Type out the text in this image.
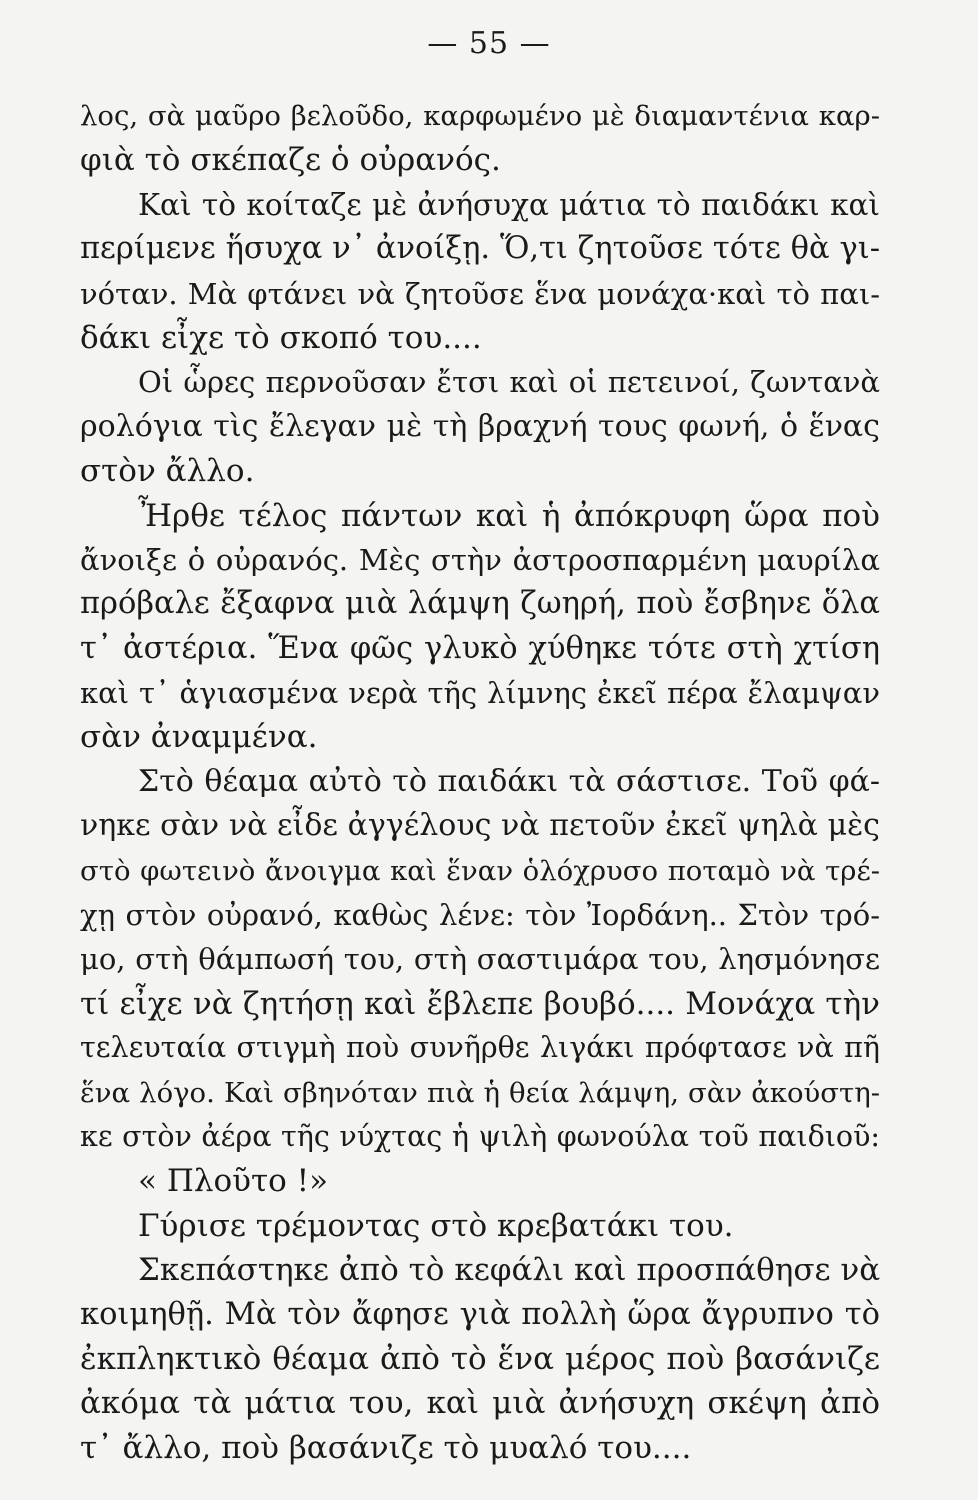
— 55 —
λος, σὰ μαῦρο βελοῦδο, καρφωμένο μὲ διαμαντένια καρ-
φιὰ τὸ σκέπαζε ὁ οὐρανός.
Καὶ τὸ κοίταζε μὲ ἀνήσυχα μάτια τὸ παιδάκι καὶ
περίμενε ἥσυχα ν᾿ ἀνοίξῃ. Ὅ,τι ζητοῦσε τότε θὰ γι-
νόταν. Μὰ φτάνει νὰ ζητοῦσε ἕνα μονάχα·καὶ τὸ παι-
δάκι εἶχε τὸ σκοπό του....
Οἱ ὧρες περνοῦσαν ἔτσι καὶ οἱ πετεινοί, ζωντανὰ
ρολόγια τὶς ἔλεγαν μὲ τὴ βραχνή τους φωνή, ὁ ἕνας
στὸν ἄλλο.
Ἦρθε τέλος πάντων καὶ ἡ ἀπόκρυφη ὥρα ποὺ
ἄνοιξε ὁ οὐρανός. Μὲς στὴν ἀστροσπαρμένη μαυρίλα
πρόβαλε ἔξαφνα μιὰ λάμψη ζωηρή, ποὺ ἔσβηνε ὅλα
τ᾿ ἀστέρια. Ἕνα φῶς γλυκὸ χύθηκε τότε στὴ χτίση
καὶ τ᾿ ἁγιασμένα νερὰ τῆς λίμνης ἐκεῖ πέρα ἔλαμψαν
σὰν ἀναμμένα.
Στὸ θέαμα αὐτὸ τὸ παιδάκι τὰ σάστισε. Τοῦ φά-
νηκε σὰν νὰ εἶδε ἀγγέλους νὰ πετοῦν ἐκεῖ ψηλὰ μὲς
στὸ φωτεινὸ ἄνοιγμα καὶ ἕναν ὁλόχρυσο ποταμὸ νὰ τρέ-
χῃ στὸν οὐρανό, καθὼς λένε: τὸν Ἰορδάνη.. Στὸν τρό-
μο, στὴ θάμπωσή του, στὴ σαστιμάρα του, λησμόνησε
τί εἶχε νὰ ζητήσῃ καὶ ἔβλεπε βουβό.... Μονάχα τὴν
τελευταία στιγμὴ ποὺ συνῆρθε λιγάκι πρόφτασε νὰ πῆ
ἕνα λόγο. Καὶ σβηνόταν πιὰ ἡ θεία λάμψη, σὰν ἀκούστη-
κε στὸν ἀέρα τῆς νύχτας ἡ ψιλὴ φωνούλα τοῦ παιδιοῦ:
« Πλοῦτο !»
Γύρισε τρέμοντας στὸ κρεβατάκι του.
Σκεπάστηκε ἀπὸ τὸ κεφάλι καὶ προσπάθησε νὰ
κοιμηθῇ. Μὰ τὸν ἄφησε γιὰ πολλὴ ὥρα ἄγρυπνο τὸ
ἐκπληκτικὸ θέαμα ἀπὸ τὸ ἕνα μέρος ποὺ βασάνιζε
ἀκόμα τὰ μάτια του, καὶ μιὰ ἀνήσυχη σκέψη ἀπὸ
τ᾿ ἄλλο, ποὺ βασάνιζε τὸ μυαλό του....
